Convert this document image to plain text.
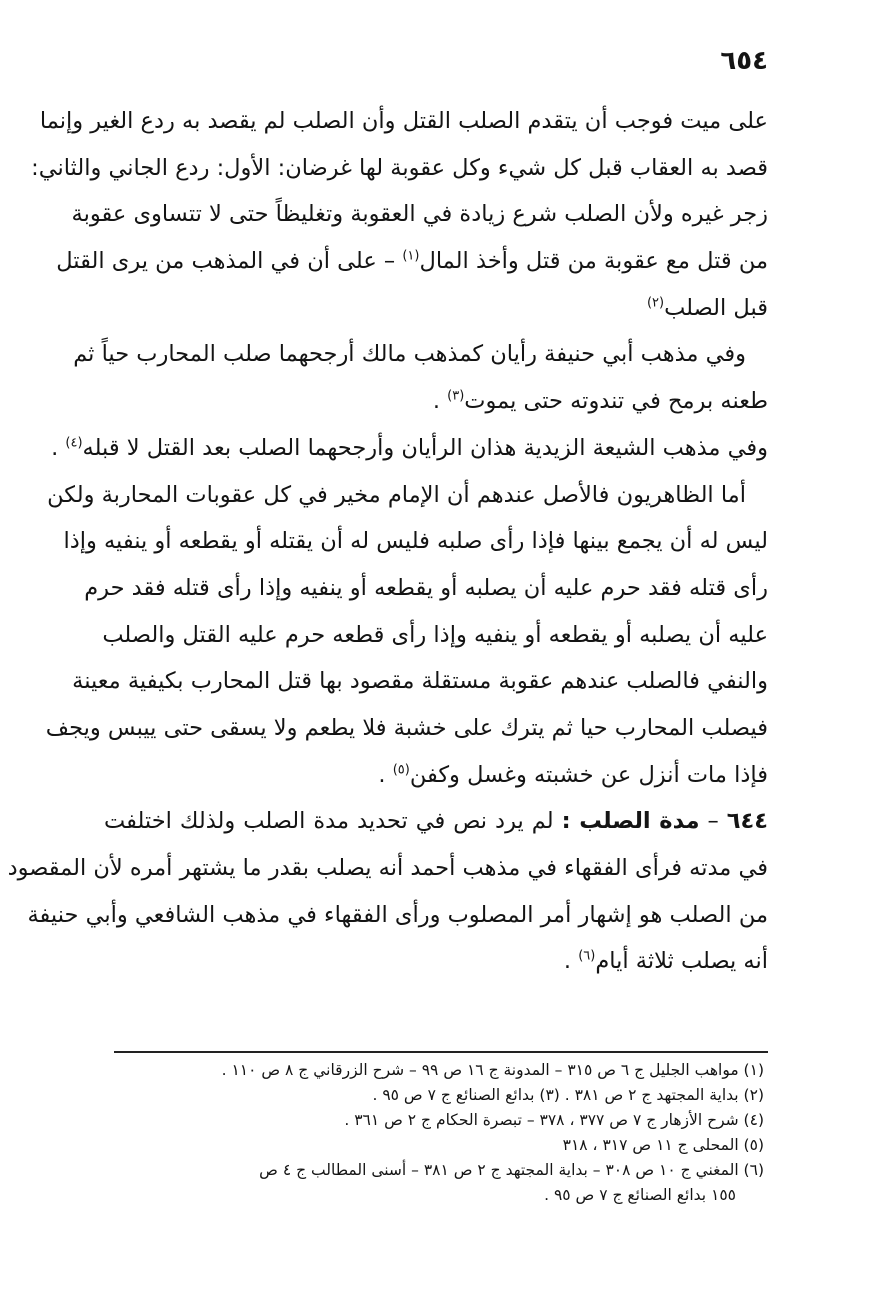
٦٥٤
على ميت فوجب أن يتقدم الصلب القتل وأن الصلب لم يقصد به ردع الغير وإنما
قصد به العقاب قبل كل شيء وكل عقوبة لها غرضان: الأول: ردع الجاني والثاني:
زجر غيره ولأن الصلب شرع زيادة في العقوبة وتغليظاً حتى لا تتساوى عقوبة
من قتل مع عقوبة من قتل وأخذ المال$^{(١)}$ – على أن في المذهب من يرى القتل
قبل الصلب$^{(٢)}$
وفي مذهب أبي حنيفة رأيان كمذهب مالك أرجحهما صلب المحارب حياً ثم
طعنه برمح في تندوته حتى يموت$^{(٣)}$ .
وفي مذهب الشيعة الزيدية هذان الرأيان وأرجحهما الصلب بعد القتل لا قبله$^{(٤)}$ .
أما الظاهريون فالأصل عندهم أن الإمام مخير في كل عقوبات المحاربة ولكن
ليس له أن يجمع بينها فإذا رأى صلبه فليس له أن يقتله أو يقطعه أو ينفيه وإذا
رأى قتله فقد حرم عليه أن يصلبه أو يقطعه أو ينفيه وإذا رأى قتله فقد حرم
عليه أن يصلبه أو يقطعه أو ينفيه وإذا رأى قطعه حرم عليه القتل والصلب
والنفي فالصلب عندهم عقوبة مستقلة مقصود بها قتل المحارب بكيفية معينة
فيصلب المحارب حيا ثم يترك على خشبة فلا يطعم ولا يسقى حتى ييبس ويجف
فإذا مات أنزل عن خشبته وغسل وكفن$^{(٥)}$ .
٦٤٤ – مدة الصلب : لم يرد نص في تحديد مدة الصلب ولذلك اختلفت
في مدته فرأى الفقهاء في مذهب أحمد أنه يصلب بقدر ما يشتهر أمره لأن المقصود
من الصلب هو إشهار أمر المصلوب ورأى الفقهاء في مذهب الشافعي وأبي حنيفة
أنه يصلب ثلاثة أيام$^{(٦)}$ .
(١) مواهب الجليل ج ٦ ص ٣١٥ – المدونة ج ١٦ ص ٩٩ – شرح الزرقاني ج ٨ ص ١١٠ .
(٢) بداية المجتهد ج ٢ ص ٣٨١ . (٣) بدائع الصنائع ج ٧ ص ٩٥ .
(٤) شرح الأزهار ج ٧ ص ٣٧٧ ، ٣٧٨ – تبصرة الحكام ج ٢ ص ٣٦١ .
(٥) المحلى ج ١١ ص ٣١٧ ، ٣١٨
(٦) المغني ج ١٠ ص ٣٠٨ – بداية المجتهد ج ٢ ص ٣٨١ – أسنى المطالب ج ٤ ص
١٥٥ بدائع الصنائع ج ٧ ص ٩٥ .
